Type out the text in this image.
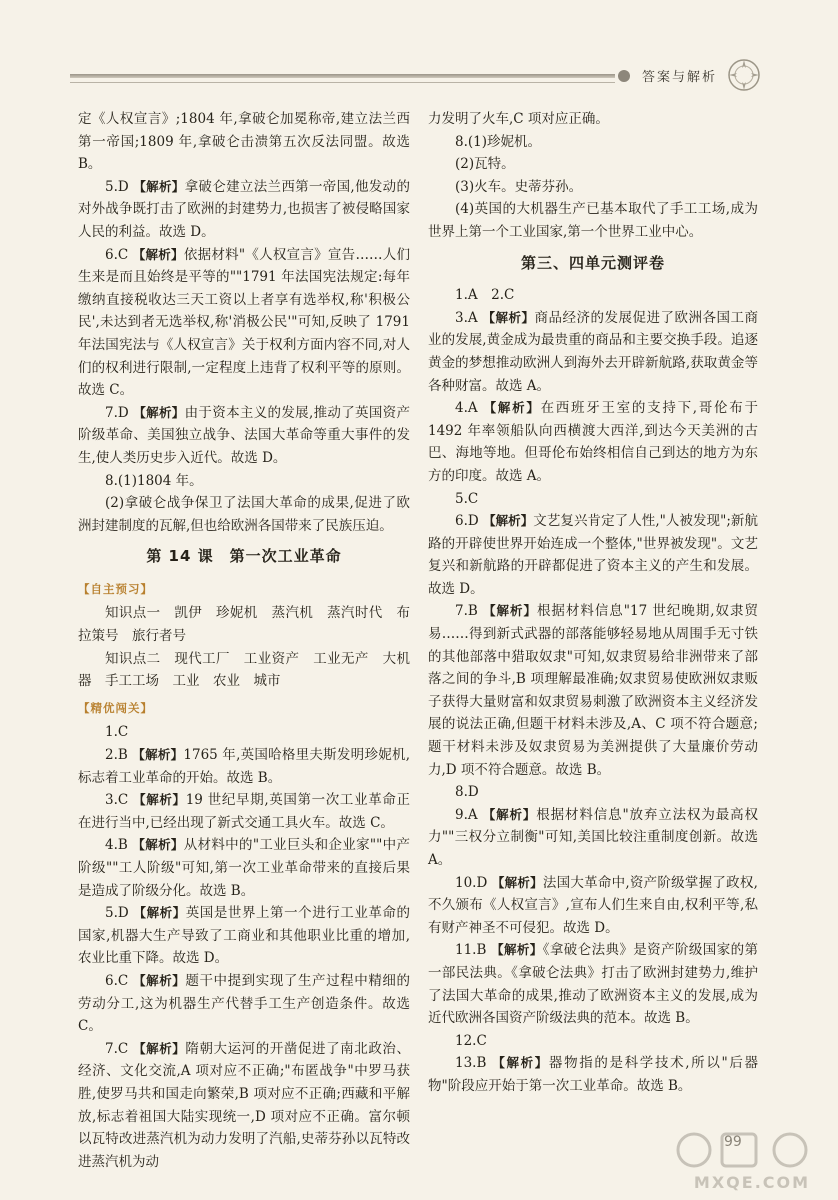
答案与解析

定《人权宣言》;1804 年,拿破仑加冕称帝,建立法兰西第一帝国;1809 年,拿破仑击溃第五次反法同盟。故选 B。

5.D 【解析】拿破仑建立法兰西第一帝国,他发动的对外战争既打击了欧洲的封建势力,也损害了被侵略国家人民的利益。故选 D。

6.C 【解析】依据材料"《人权宣言》宣告……人们生来是而且始终是平等的""1791 年法国宪法规定:每年缴纳直接税收达三天工资以上者享有选举权,称'积极公民',未达到者无选举权,称'消极公民'"可知,反映了 1791 年法国宪法与《人权宣言》关于权利方面内容不同,对人们的权利进行限制,一定程度上违背了权利平等的原则。故选 C。

7.D 【解析】由于资本主义的发展,推动了英国资产阶级革命、美国独立战争、法国大革命等重大事件的发生,使人类历史步入近代。故选 D。

8.(1)1804 年。

(2)拿破仑战争保卫了法国大革命的成果,促进了欧洲封建制度的瓦解,但也给欧洲各国带来了民族压迫。

第 14 课　第一次工业革命
【自主预习】

知识点一　凯伊　珍妮机　蒸汽机　蒸汽时代　布拉策号　旅行者号

知识点二　现代工厂　工业资产　工业无产　大机器　手工工场　工业　农业　城市

【精优闯关】

1.C

2.B 【解析】1765 年,英国哈格里夫斯发明珍妮机,标志着工业革命的开始。故选 B。

3.C 【解析】19 世纪早期,英国第一次工业革命正在进行当中,已经出现了新式交通工具火车。故选 C。

4.B 【解析】从材料中的"工业巨头和企业家""中产阶级""工人阶级"可知,第一次工业革命带来的直接后果是造成了阶级分化。故选 B。

5.D 【解析】英国是世界上第一个进行工业革命的国家,机器大生产导致了工商业和其他职业比重的增加,农业比重下降。故选 D。

6.C 【解析】题干中提到实现了生产过程中精细的劳动分工,这为机器生产代替手工生产创造条件。故选 C。

7.C 【解析】隋朝大运河的开凿促进了南北政治、经济、文化交流,A 项对应不正确;"布匿战争"中罗马获胜,使罗马共和国走向繁荣,B 项对应不正确;西藏和平解放,标志着祖国大陆实现统一,D 项对应不正确。富尔顿以瓦特改进蒸汽机为动力发明了汽船,史蒂芬孙以瓦特改进蒸汽机为动

力发明了火车,C 项对应正确。

8.(1)珍妮机。

(2)瓦特。

(3)火车。史蒂芬孙。

(4)英国的大机器生产已基本取代了手工工场,成为世界上第一个工业国家,第一个世界工业中心。

第三、四单元测评卷

1.A　2.C

3.A 【解析】商品经济的发展促进了欧洲各国工商业的发展,黄金成为最贵重的商品和主要交换手段。追逐黄金的梦想推动欧洲人到海外去开辟新航路,获取黄金等各种财富。故选 A。

4.A 【解析】在西班牙王室的支持下,哥伦布于 1492 年率领船队向西横渡大西洋,到达今天美洲的古巴、海地等地。但哥伦布始终相信自己到达的地方为东方的印度。故选 A。

5.C

6.D 【解析】文艺复兴肯定了人性,"人被发现";新航路的开辟使世界开始连成一个整体,"世界被发现"。文艺复兴和新航路的开辟都促进了资本主义的产生和发展。故选 D。

7.B 【解析】根据材料信息"17 世纪晚期,奴隶贸易……得到新式武器的部落能够轻易地从周围手无寸铁的其他部落中猎取奴隶"可知,奴隶贸易给非洲带来了部落之间的争斗,B 项理解最准确;奴隶贸易使欧洲奴隶贩子获得大量财富和奴隶贸易刺激了欧洲资本主义经济发展的说法正确,但题干材料未涉及,A、C 项不符合题意;题干材料未涉及奴隶贸易为美洲提供了大量廉价劳动力,D 项不符合题意。故选 B。

8.D

9.A 【解析】根据材料信息"放弃立法权为最高权力""三权分立制衡"可知,美国比较注重制度创新。故选 A。

10.D 【解析】法国大革命中,资产阶级掌握了政权,不久颁布《人权宣言》,宣布人们生来自由,权利平等,私有财产神圣不可侵犯。故选 D。

11.B 【解析】《拿破仑法典》是资产阶级国家的第一部民法典。《拿破仑法典》打击了欧洲封建势力,维护了法国大革命的成果,推动了欧洲资本主义的发展,成为近代欧洲各国资产阶级法典的范本。故选 B。

12.C

13.B 【解析】器物指的是科学技术,所以"后器物"阶段应开始于第一次工业革命。故选 B。

99
MXQE.COM
